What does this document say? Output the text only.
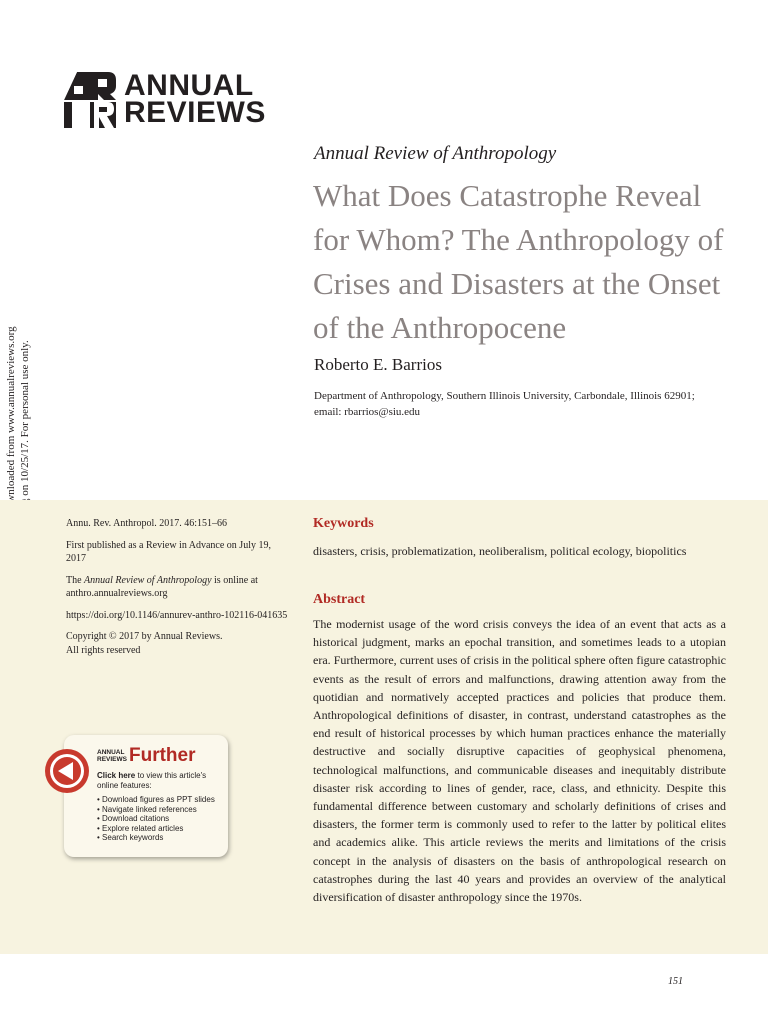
ANNUAL
REVIEWS
Annual Review of Anthropology
What Does Catastrophe Reveal for Whom? The Anthropology of Crises and Disasters at the Onset of the Anthropocene
Roberto E. Barrios
Department of Anthropology, Southern Illinois University, Carbondale, Illinois 62901;
email: rbarrios@siu.edu

Annu. Rev. Anthropol. 2017. 46:151–66

First published as a Review in Advance on July 19, 2017

The Annual Review of Anthropology is online at anthro.annualreviews.org

https://doi.org/10.1146/annurev-anthro-102116-041635

Copyright © 2017 by Annual Reviews.
All rights reserved

ANNUAL
REVIEWS Further
Click here to view this article's online features:
• Download figures as PPT slides
• Navigate linked references
• Download citations
• Explore related articles
• Search keywords
Keywords
disasters, crisis, problematization, neoliberalism, political ecology, biopolitics
Abstract
The modernist usage of the word crisis conveys the idea of an event that acts as a historical judgment, marks an epochal transition, and sometimes leads to a utopian era. Furthermore, current uses of crisis in the political sphere often figure catastrophic events as the result of errors and malfunctions, drawing attention away from the quotidian and normatively accepted practices and policies that produce them. Anthropological definitions of disaster, in contrast, understand catastrophes as the end result of historical processes by which human practices enhance the materially destructive and socially disruptive capacities of geophysical phenomena, technological malfunctions, and communicable diseases and inequitably distribute disaster risk according to lines of gender, race, class, and ethnicity. Despite this fundamental difference between customary and scholarly definitions of crises and disasters, the former term is commonly used to refer to the latter by political elites and academics alike. This article reviews the merits and limitations of the crisis concept in the analysis of disasters on the basis of anthropological research on catastrophes during the last 40 years and provides an overview of the analytical diversification of disaster anthropology since the 1970s.
151
